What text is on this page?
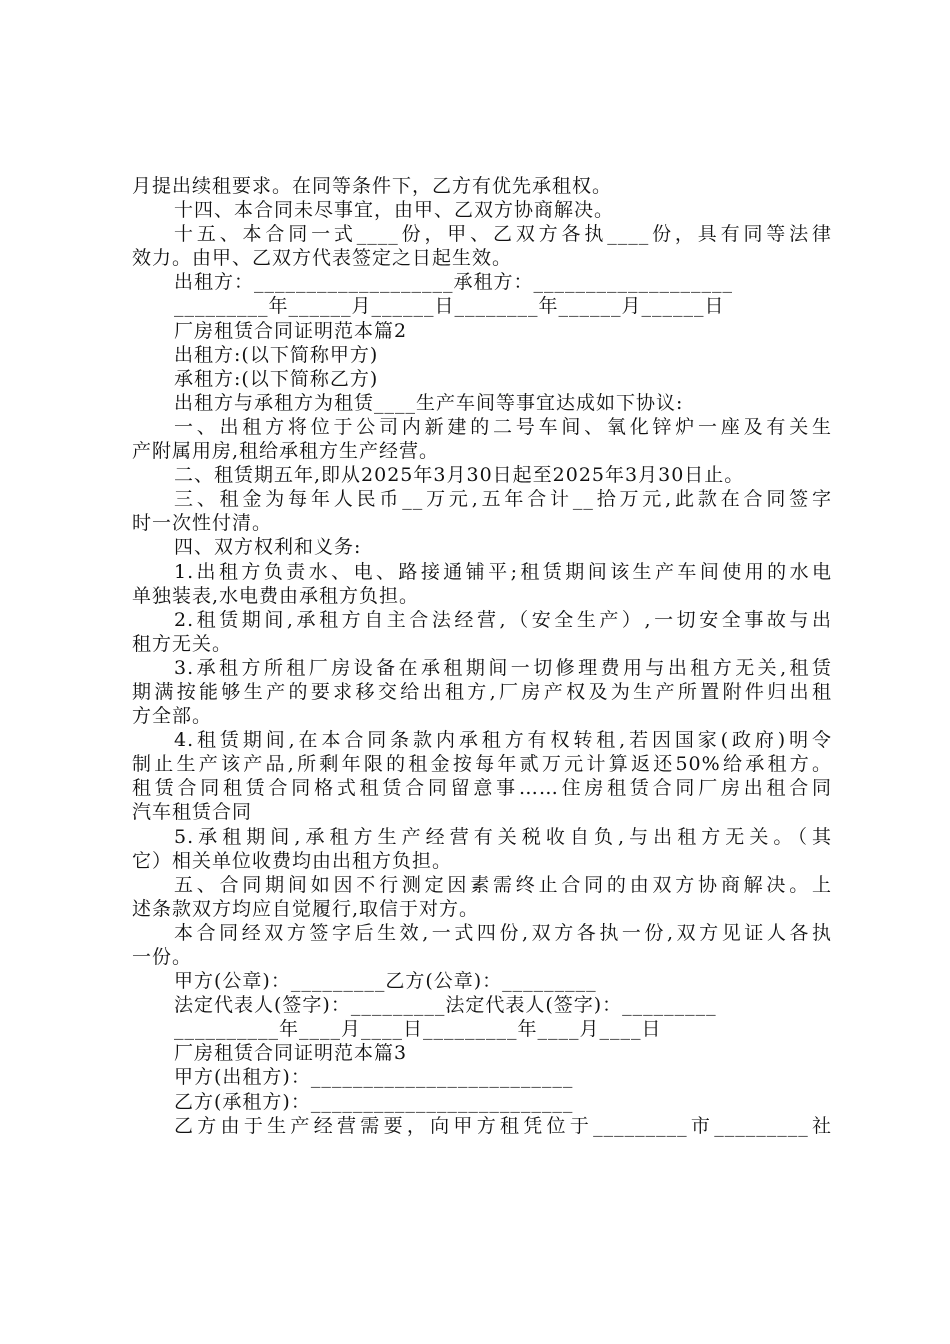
月提出续租要求。在同等条件下，乙方有优先承租权。
十四、本合同未尽事宜，由甲、乙双方协商解决。
十五、本合同一式____份，甲、乙双方各执____份，具有同等法律
效力。由甲、乙双方代表签定之日起生效。
出租方：___________________承租方：___________________
_________年______月______日________年______月______日
厂房租赁合同证明范本篇2
出租方:(以下简称甲方)
承租方:(以下简称乙方)
出租方与承租方为租赁____生产车间等事宜达成如下协议:
一、出租方将位于公司内新建的二号车间、氧化锌炉一座及有关生
产附属用房,租给承租方生产经营。
二、租赁期五年,即从2025年3月30日起至2025年3月30日止。
三、租金为每年人民币__万元,五年合计__拾万元,此款在合同签字
时一次性付清。
四、双方权利和义务:
1.出租方负责水、电、路接通铺平;租赁期间该生产车间使用的水电
单独装表,水电费由承租方负担。
2.租赁期间,承租方自主合法经营,（安全生产）,一切安全事故与出
租方无关。
3.承租方所租厂房设备在承租期间一切修理费用与出租方无关,租赁
期满按能够生产的要求移交给出租方,厂房产权及为生产所置附件归出租
方全部。
4.租赁期间,在本合同条款内承租方有权转租,若因国家(政府)明令
制止生产该产品,所剩年限的租金按每年贰万元计算返还50%给承租方。
租赁合同租赁合同格式租赁合同留意事……住房租赁合同厂房出租合同
汽车租赁合同
5.承租期间,承租方生产经营有关税收自负,与出租方无关。（其
它）相关单位收费均由出租方负担。
五、合同期间如因不行测定因素需终止合同的由双方协商解决。上
述条款双方均应自觉履行,取信于对方。
本合同经双方签字后生效,一式四份,双方各执一份,双方见证人各执
一份。
甲方(公章)：_________乙方(公章)：_________
法定代表人(签字)：_________法定代表人(签字)：_________
__________年____月____日_________年____月____日
厂房租赁合同证明范本篇3
甲方(出租方)：_________________________
乙方(承租方)：_________________________
乙方由于生产经营需要，向甲方租凭位于_________市_________社
